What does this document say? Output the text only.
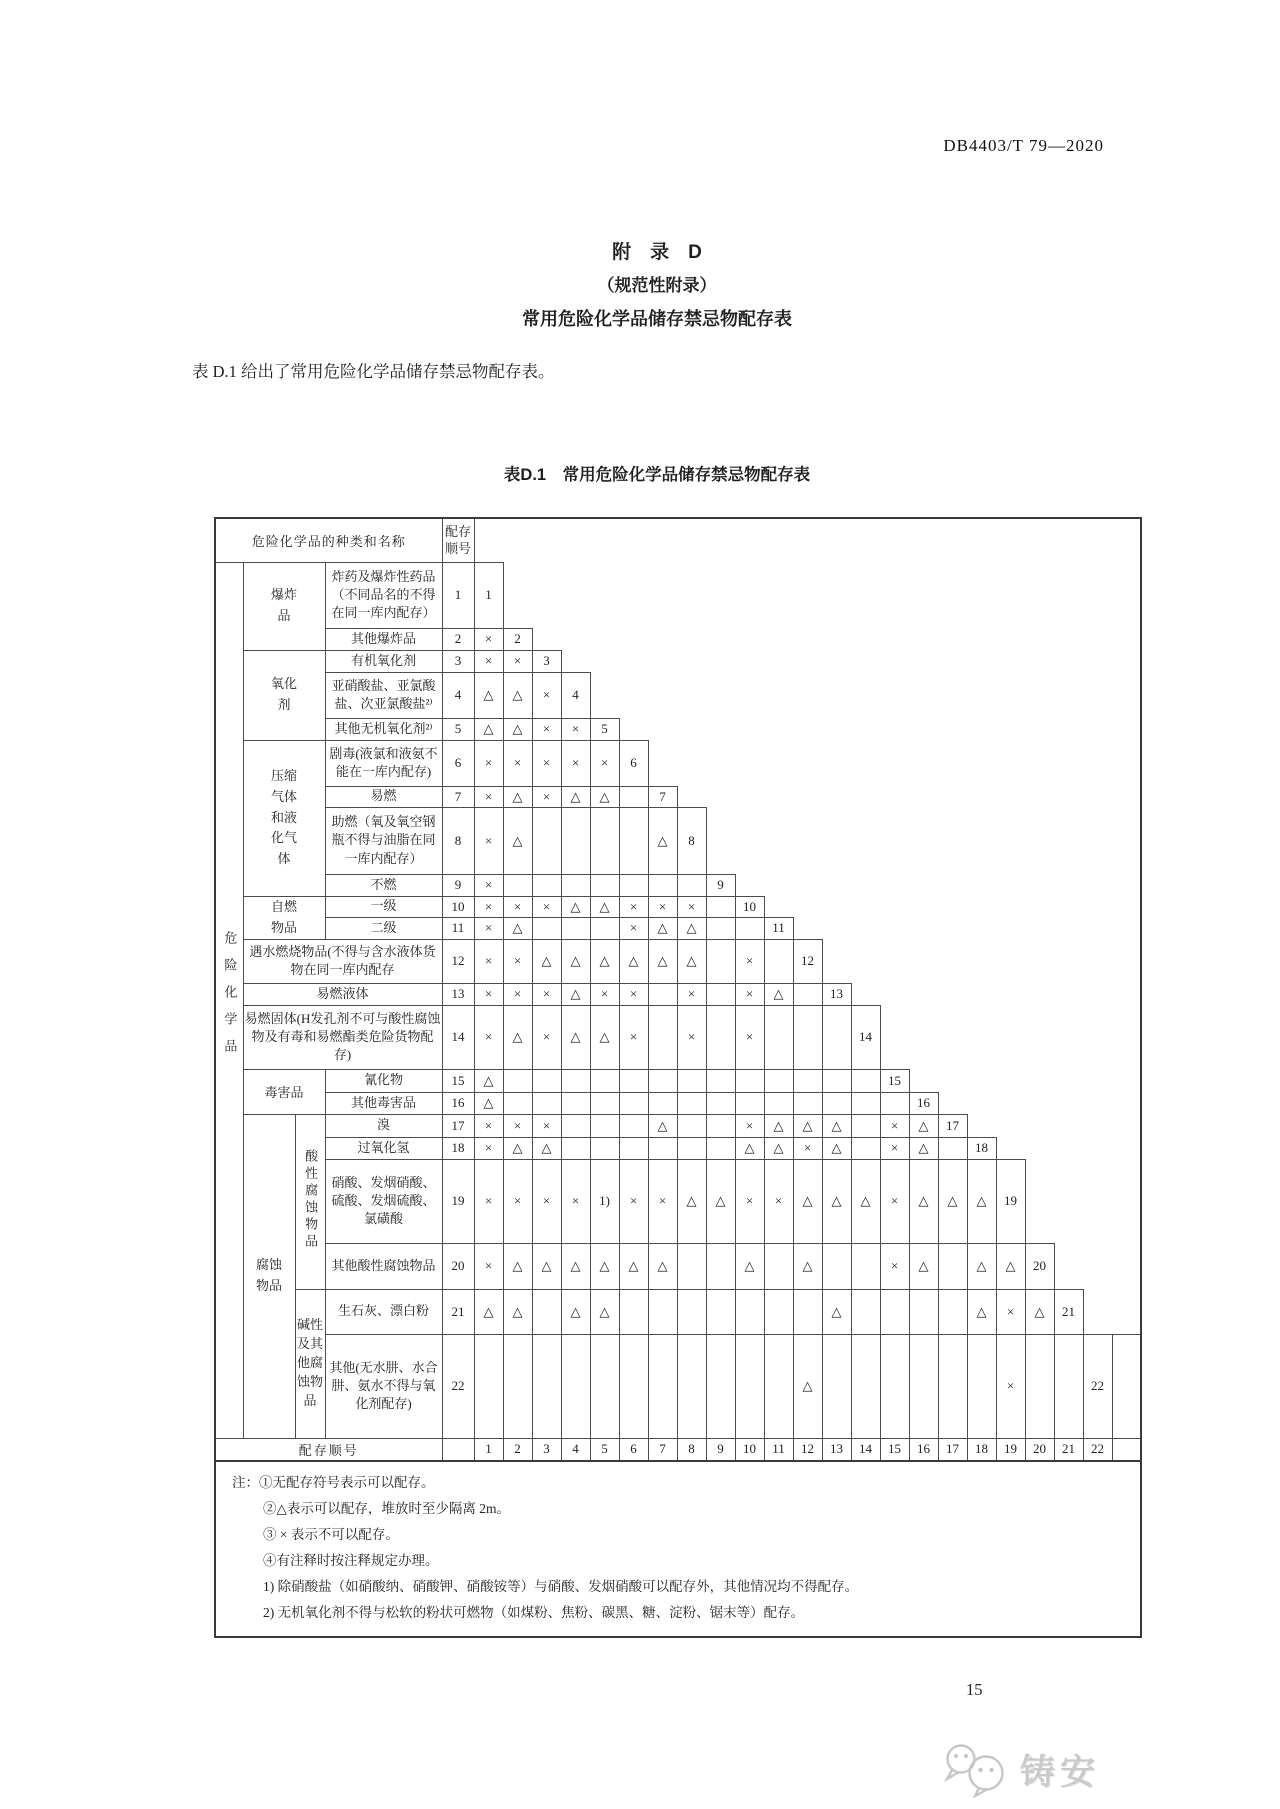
DB4403/T 79—2020
附　录　D
（规范性附录）
常用危险化学品储存禁忌物配存表
表 D.1 给出了常用危险化学品储存禁忌物配存表。
表D.1　常用危险化学品储存禁忌物配存表
危险化学品的种类和名称				配存顺号																							
危险化学品	爆炸品		炸药及爆炸性药品（不同品名的不得在同一库内配存）	1	1																						
			其他爆炸品	2	×	2																					
	氧化剂		有机氧化剂	3	×	×	3																				
			亚硝酸盐、亚氯酸盐、次亚氯酸盐²⁾	4	△	△	×	4																			
			其他无机氧化剂²⁾	5	△	△	×	×	5																		
	压缩气体和液化气体		剧毒(液氯和液氨不能在一库内配存)	6	×	×	×	×	×	6																	
			易燃	7	×	△	×	△	△		7																
			助燃（氧及氧空钢瓶不得与油脂在同一库内配存）	8	×	△					△	8															
			不燃	9	×								9														
	自燃物品		一级	10	×	×	×	△	△	×	×	×		10													
			二级	11	×	△				×	△	△			11												
	遇水燃烧物品(不得与含水液体货物在同一库内配存			12	×	×	△	△	△	△	△	△		×		12											
	易燃液体			13	×	×	×	△	×	×		×		×	△		13										
	易燃固体(H发孔剂不可与酸性腐蚀物及有毒和易燃酯类危险货物配存)			14	×	△	×	△	△	×		×		×				14									
	毒害品		氰化物	15	△														15								
			其他毒害品	16	△															16							
	腐蚀物品	酸性腐蚀物品	溴	17	×	×	×				△			×	△	△	△		×	△	17						
			过氧化氢	18	×	△	△							△	△	×	△		×	△		18					
			硝酸、发烟硝酸、硫酸、发烟硫酸、氯磺酸	19	×	×	×	×	1)	×	×	△	△	×	×	△	△	△	×	△	△	△	19				
			其他酸性腐蚀物品	20	×	△	△	△	△	△	△			△		△			×	△		△	△	20			
		碱性及其他腐蚀物品	生石灰、漂白粉	21	△	△		△	△								△					△	×	△	21		
			其他(无水肼、水合肼、氨水不得与氧化剂配存)	22												△							×			22	
配存顺号					1	2	3	4	5	6	7	8	9	10	11	12	13	14	15	16	17	18	19	20	21	22	
注：①无配存符号表示可以配存。
②△表示可以配存，堆放时至少隔离 2m。
③ × 表示不可以配存。
④有注释时按注释规定办理。
1) 除硝酸盐（如硝酸纳、硝酸钾、硝酸铵等）与硝酸、发烟硝酸可以配存外，其他情况均不得配存。
2) 无机氧化剂不得与松软的粉状可燃物（如煤粉、焦粉、碳黑、糖、淀粉、锯末等）配存。
15
铸安
